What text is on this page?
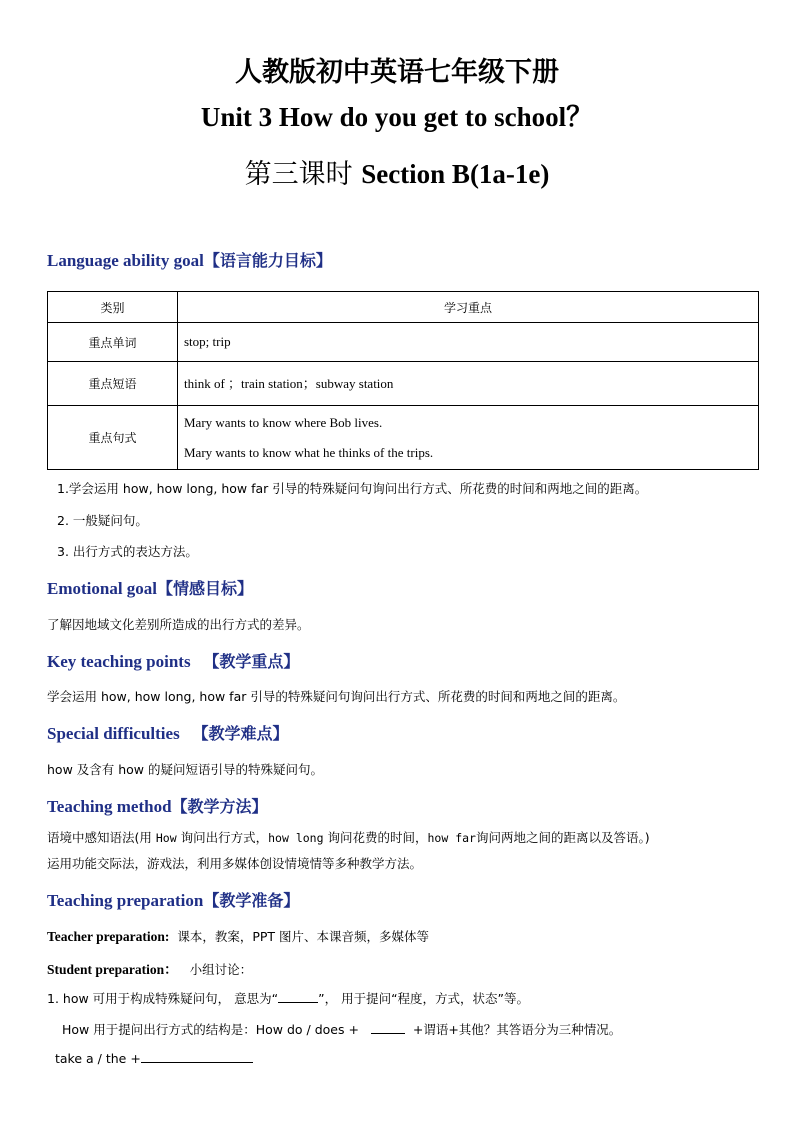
人教版初中英语七年级下册
Unit 3 How do you get to school？
第三课时 Section B(1a-1e)
Language ability goal【语言能力目标】
类别	学习重点
重点单词	stop; trip

重点短语	think of ；train station；subway station

重点句式	Mary wants to know where Bob lives.
Mary wants to know what he thinks of the trips.
1.学会运用 how, how long, how far 引导的特殊疑问句询问出行方式、所花费的时间和两地之间的距离。
2. 一般疑问句。
3. 出行方式的表达方法。
Emotional goal【情感目标】
了解因地域文化差别所造成的出行方式的差异。
Key teaching points 【教学重点】
学会运用 how, how long, how far 引导的特殊疑问句询问出行方式、所花费的时间和两地之间的距离。
Special difficulties 【教学难点】
how 及含有 how 的疑问短语引导的特殊疑问句。
Teaching method【教学方法】
语境中感知语法(用 How 询问出行方式，how long 询问花费的时间，how far询问两地之间的距离以及答语。)
运用功能交际法，游戏法，利用多媒体创设情境情等多种教学方法。
Teaching preparation【教学准备】
Teacher preparation: 课本，教案，PPT 图片、本课音频，多媒体等
Student preparation： 小组讨论：
1. how 可用于构成特殊疑问句， 意思为“	”， 用于提问“程度，方式，状态”等。
How 用于提问出行方式的结构是：How do / does +	+谓语+其他？其答语分为三种情况。
take a / the +
